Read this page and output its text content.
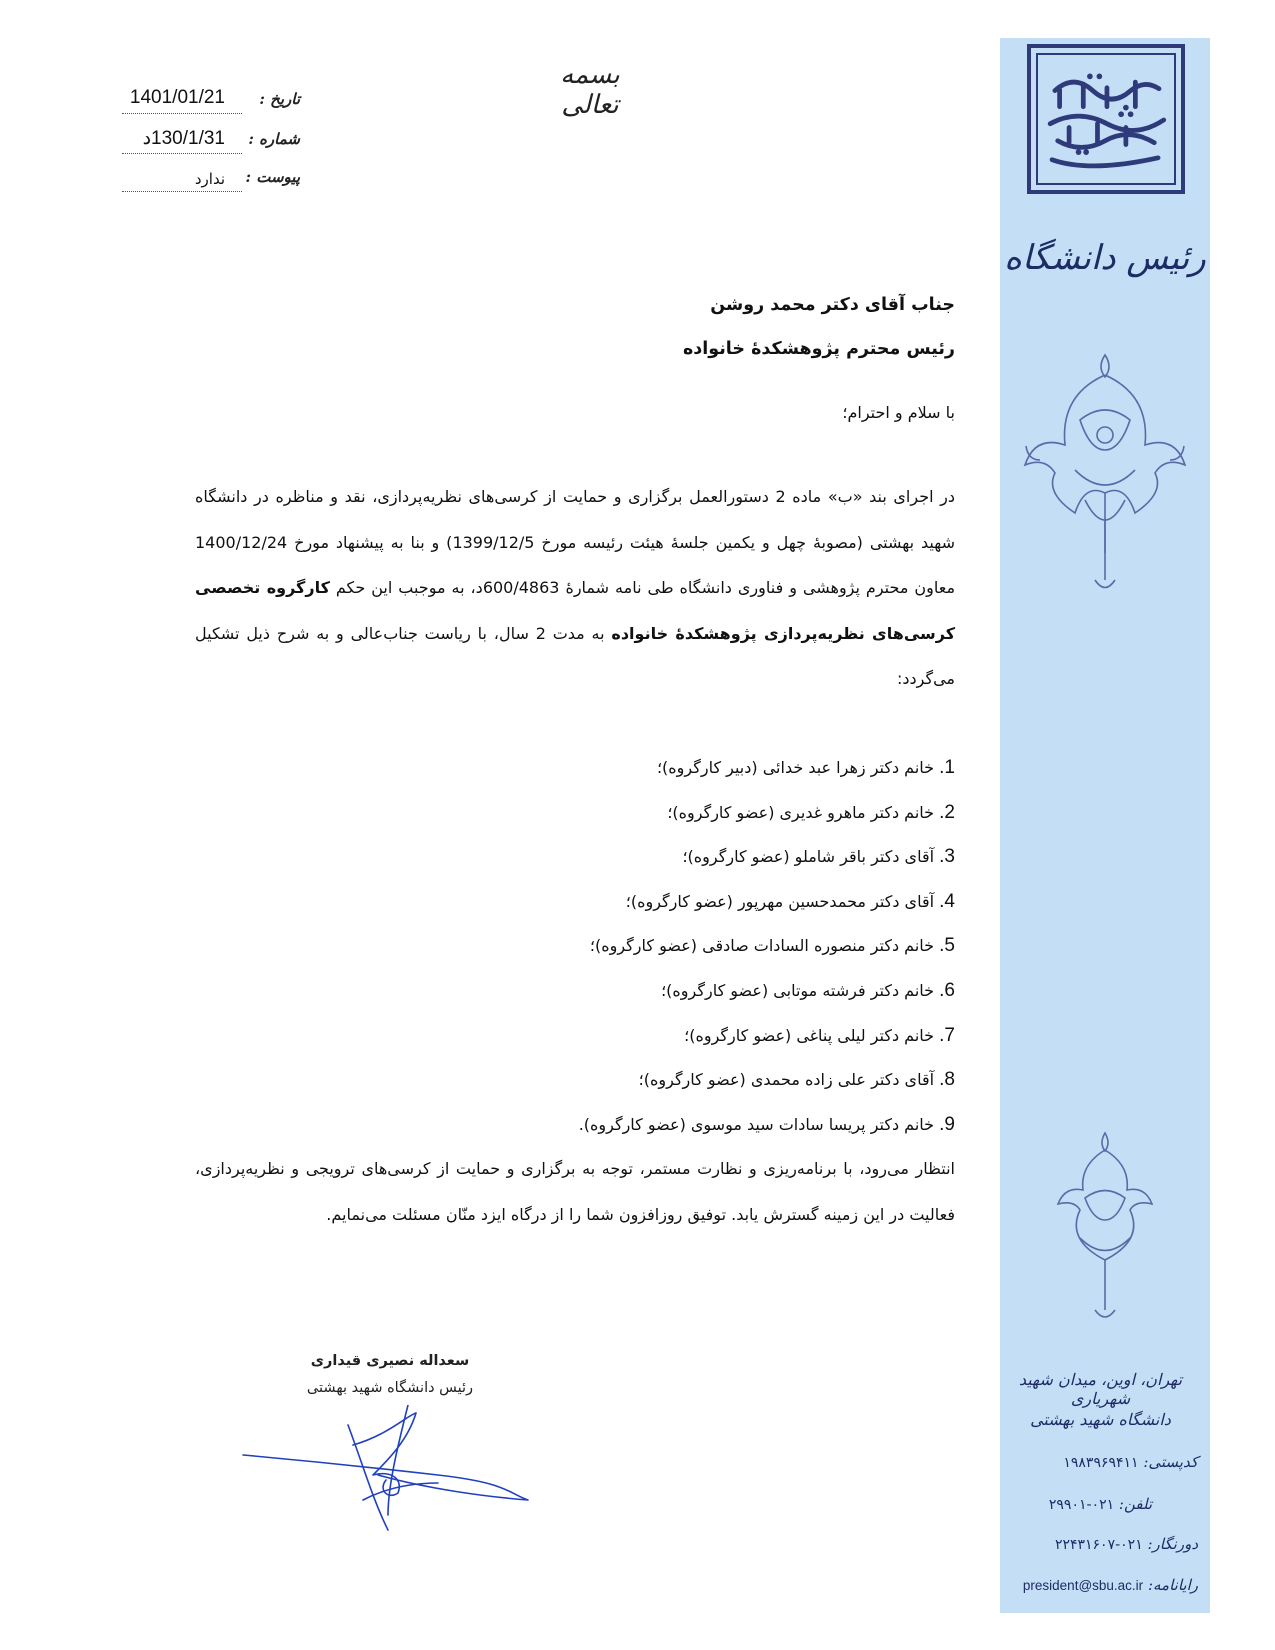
رئیس دانشگاه
تهران، اوین، میدان شهید شهریاری
دانشگاه شهید بهشتی
کدپستی: ۱۹۸۳۹۶۹۴۱۱
تلفن: ۰۲۱-۲۹۹۰۱
دورنگار: ۰۲۱-۲۲۴۳۱۶۰۷
رایانامه: president@sbu.ac.ir
بسمه تعالی
تاریخ :
1401/01/21
شماره :
130/1/31د
پیوست :
ندارد
جناب آقای دکتر محمد روشن
رئیس محترم پژوهشکدهٔ خانواده
با سلام و احترام؛
در اجرای بند «ب» ماده 2 دستورالعمل برگزاری و حمایت از کرسی‌های نظریه‌پردازی، نقد و مناظره در دانشگاه شهید بهشتی (مصوبهٔ چهل و یکمین جلسهٔ هیئت رئیسه مورخ 1399/12/5) و بنا به پیشنهاد مورخ 1400/12/24 معاون محترم پژوهشی و فناوری دانشگاه طی نامه شمارهٔ 600/4863د، به موجبب این حکم کارگروه تخصصی کرسی‌های نظریه‌پردازی پژوهشکدهٔ خانواده به مدت 2 سال، با ریاست جناب‌عالی و به شرح ذیل تشکیل می‌گردد:
1. خانم دکتر زهرا عبد خدائی (دبیر کارگروه)؛
2. خانم دکتر ماهرو غدیری (عضو کارگروه)؛
3. آقای دکتر باقر شاملو (عضو کارگروه)؛
4. آقای دکتر محمدحسین مهرپور (عضو کارگروه)؛
5. خانم دکتر منصوره السادات صادقی (عضو کارگروه)؛
6. خانم دکتر فرشته موتابی (عضو کارگروه)؛
7. خانم دکتر لیلی پناغی (عضو کارگروه)؛
8. آقای دکتر علی زاده محمدی (عضو کارگروه)؛
9. خانم دکتر پریسا سادات سید موسوی (عضو کارگروه).
انتظار می‌رود، با برنامه‌ریزی و نظارت مستمر، توجه به برگزاری و حمایت از کرسی‌های ترویجی و نظریه‌پردازی، فعالیت در این زمینه گسترش یابد. توفیق روزافزون شما را از درگاه ایزد منّان مسئلت می‌نمایم.
سعداله نصیری قیداری
رئیس دانشگاه شهید بهشتی
